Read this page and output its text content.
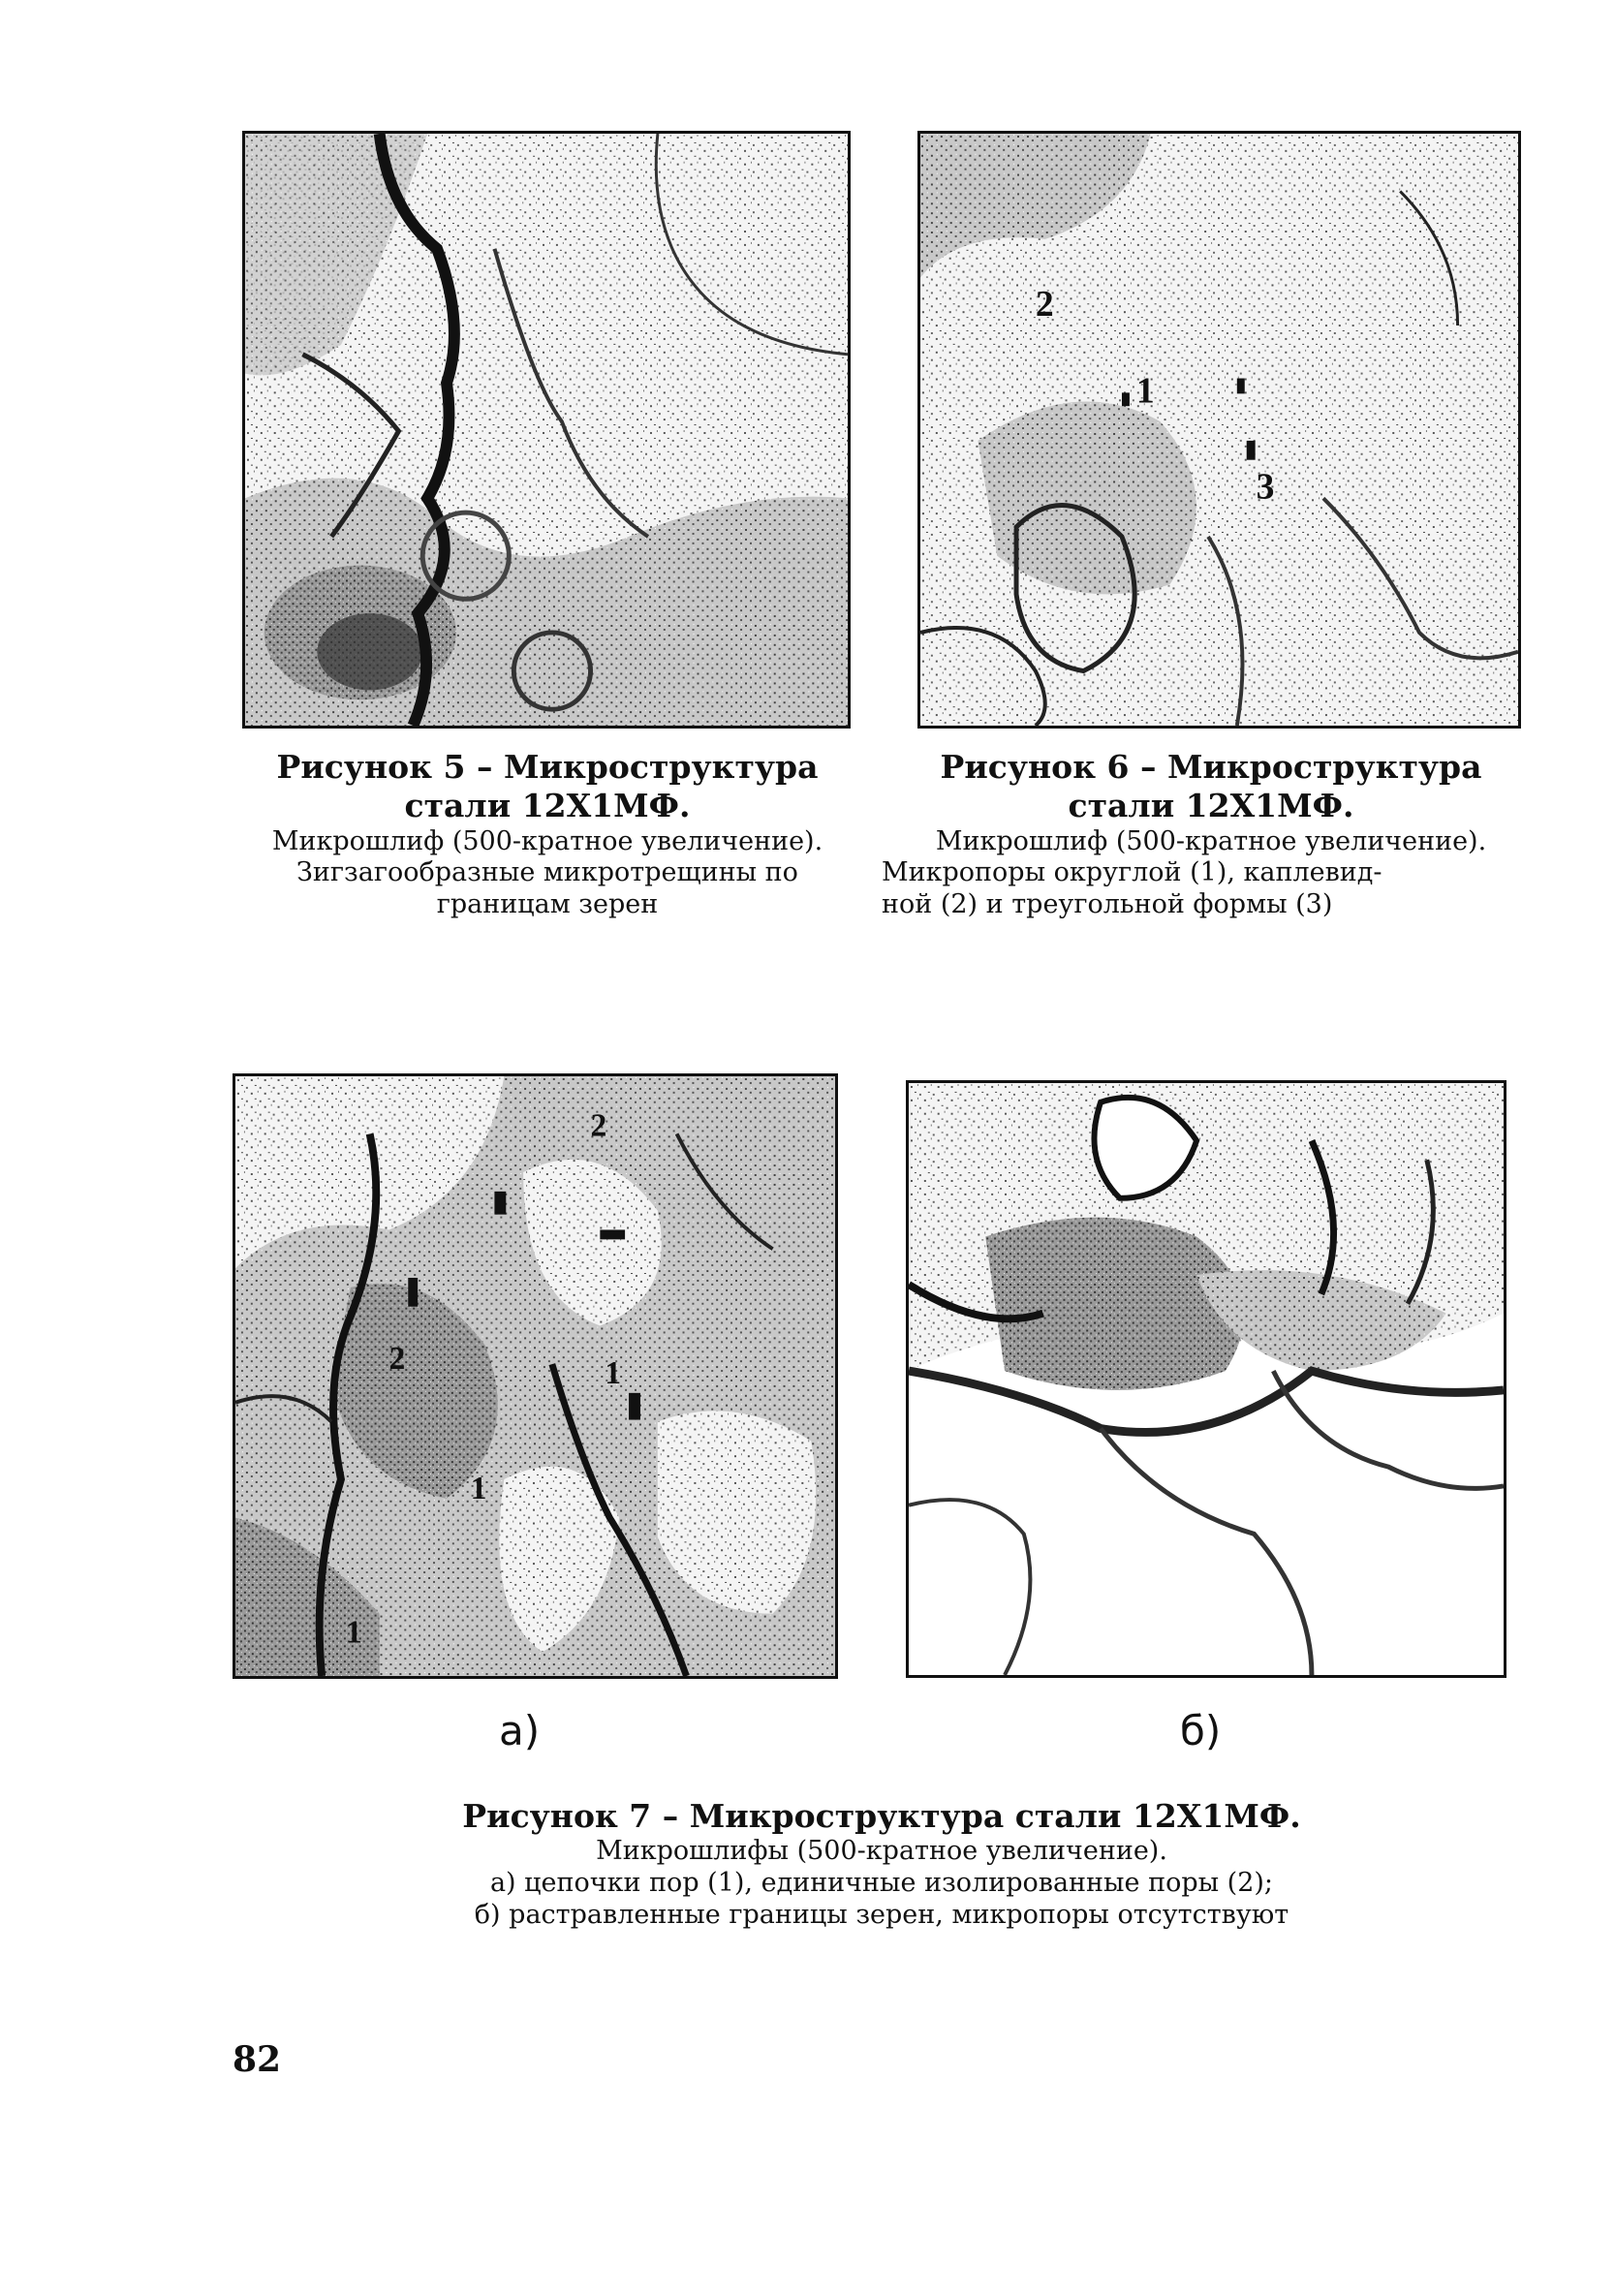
2
1
3
Рисунок 5 – Микроструктура
стали 12Х1МФ.
Микрошлиф (500-кратное увеличение).
Зигзагообразные микротрещины по
границам зерен
Рисунок 6 – Микроструктура
стали 12Х1МФ.
Микрошлиф (500-кратное увеличение).
Микропоры округлой (1), каплевид-
ной (2) и треугольной формы (3)
1
2
2
1
1
а)	б)
Рисунок 7 – Микроструктура стали 12Х1МФ.
Микрошлифы (500-кратное увеличение).
а) цепочки пор (1), единичные изолированные поры (2);
б) растравленные границы зерен, микропоры отсутствуют
82
